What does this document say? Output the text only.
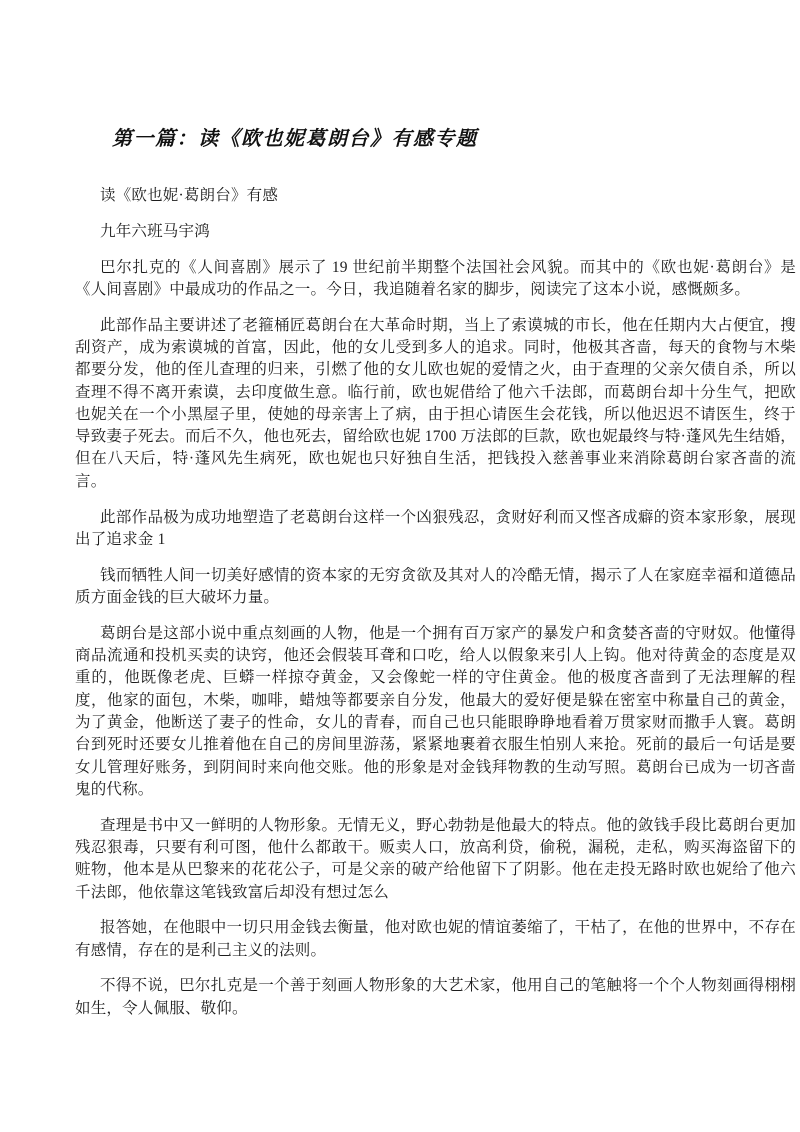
第一篇：读《欧也妮葛朗台》有感专题

读《欧也妮·葛朗台》有感

九年六班马宇鸿

巴尔扎克的《人间喜剧》展示了 19 世纪前半期整个法国社会风貌。而其中的《欧也妮·葛朗台》是《人间喜剧》中最成功的作品之一。今日，我追随着名家的脚步，阅读完了这本小说，感慨颇多。

此部作品主要讲述了老箍桶匠葛朗台在大革命时期，当上了索谟城的市长，他在任期内大占便宜，搜刮资产，成为索谟城的首富，因此，他的女儿受到多人的追求。同时，他极其吝啬，每天的食物与木柴都要分发，他的侄儿查理的归来，引燃了他的女儿欧也妮的爱情之火，由于查理的父亲欠债自杀，所以查理不得不离开索谟，去印度做生意。临行前，欧也妮借给了他六千法郎，而葛朗台却十分生气，把欧也妮关在一个小黑屋子里，使她的母亲害上了病，由于担心请医生会花钱，所以他迟迟不请医生，终于导致妻子死去。而后不久，他也死去，留给欧也妮 1700 万法郎的巨款，欧也妮最终与特·蓬风先生结婚，但在八天后，特·蓬风先生病死，欧也妮也只好独自生活，把钱投入慈善事业来消除葛朗台家吝啬的流言。

此部作品极为成功地塑造了老葛朗台这样一个凶狠残忍，贪财好利而又悭吝成癖的资本家形象，展现出了追求金 1

钱而牺牲人间一切美好感情的资本家的无穷贪欲及其对人的冷酷无情，揭示了人在家庭幸福和道德品质方面金钱的巨大破坏力量。

葛朗台是这部小说中重点刻画的人物，他是一个拥有百万家产的暴发户和贪婪吝啬的守财奴。他懂得商品流通和投机买卖的诀窍，他还会假装耳聋和口吃，给人以假象来引人上钩。他对待黄金的态度是双重的，他既像老虎、巨蟒一样掠夺黄金，又会像蛇一样的守住黄金。他的极度吝啬到了无法理解的程度，他家的面包，木柴，咖啡，蜡烛等都要亲自分发，他最大的爱好便是躲在密室中称量自己的黄金，为了黄金，他断送了妻子的性命，女儿的青春，而自己也只能眼睁睁地看着万贯家财而撒手人寰。葛朗台到死时还要女儿推着他在自己的房间里游荡，紧紧地裹着衣服生怕别人来抢。死前的最后一句话是要女儿管理好账务，到阴间时来向他交账。他的形象是对金钱拜物教的生动写照。葛朗台已成为一切吝啬鬼的代称。

查理是书中又一鲜明的人物形象。无情无义，野心勃勃是他最大的特点。他的敛钱手段比葛朗台更加残忍狠毒，只要有利可图，他什么都敢干。贩卖人口，放高利贷，偷税，漏税，走私，购买海盗留下的赃物，他本是从巴黎来的花花公子，可是父亲的破产给他留下了阴影。他在走投无路时欧也妮给了他六千法郎，他依靠这笔钱致富后却没有想过怎么

报答她，在他眼中一切只用金钱去衡量，他对欧也妮的情谊萎缩了，干枯了，在他的世界中，不存在有感情，存在的是利己主义的法则。

不得不说，巴尔扎克是一个善于刻画人物形象的大艺术家，他用自己的笔触将一个个人物刻画得栩栩如生，令人佩服、敬仰。
